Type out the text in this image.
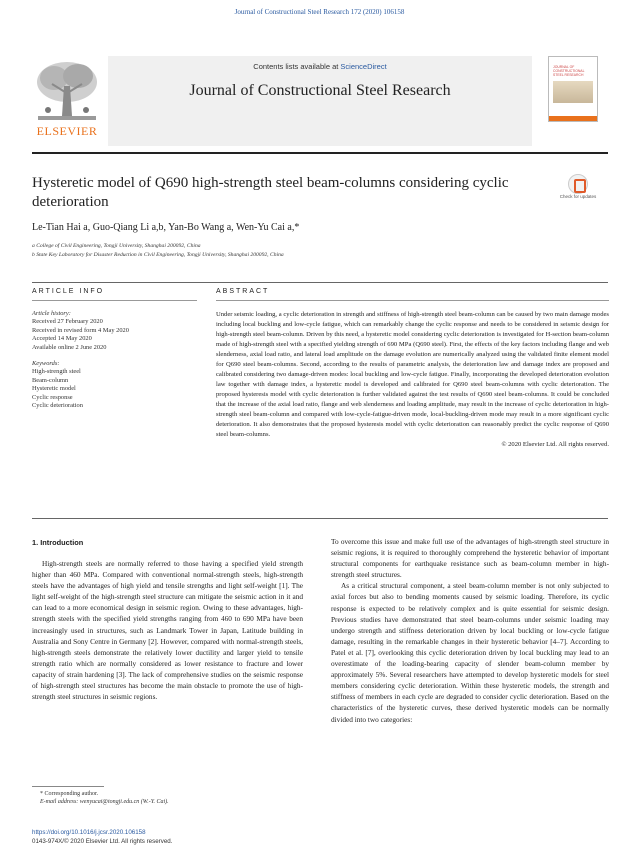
Journal of Constructional Steel Research 172 (2020) 106158
ELSEVIER
Contents lists available at ScienceDirect
Journal of Constructional Steel Research
JOURNAL OF CONSTRUCTIONAL STEEL RESEARCH
Hysteretic model of Q690 high-strength steel beam-columns considering cyclic deterioration	Check for updates
Le-Tian Hai a, Guo-Qiang Li a,b, Yan-Bo Wang a, Wen-Yu Cai a,*
a College of Civil Engineering, Tongji University, Shanghai 200092, China
b State Key Laboratory for Disaster Reduction in Civil Engineering, Tongji University, Shanghai 200092, China
ARTICLE INFO	ABSTRACT
Article history:
Received 27 February 2020
Received in revised form 4 May 2020
Accepted 14 May 2020
Available online 2 June 2020
Keywords:
High-strength steel
Beam-column
Hysteretic model
Cyclic response
Cyclic deterioration
Under seismic loading, a cyclic deterioration in strength and stiffness of high-strength steel beam-column can be caused by two main damage modes including local buckling and low-cycle fatigue, which can remarkably change the cyclic response and needs to be considered in seismic design for high-strength steel beam-column. Driven by this need, a hysteretic model considering cyclic deterioration is investigated for H-section beam-column made of high-strength steel with a specified yielding strength of 690 MPa (Q690 steel). First, the effects of the key factors including flange and web slenderness, axial load ratio, and lateral load amplitude on the damage evolution are numerically analyzed using the validated finite element model for Q690 steel beam-columns. Second, according to the results of parametric analysis, the deterioration law and damage index are proposed and calibrated considering two damage-driven modes: local buckling and low-cycle fatigue. Finally, incorporating the developed deterioration evolution law together with damage index, a hysteretic model is developed and calibrated for Q690 steel beam-columns with cyclic deterioration. The proposed hysteresis model with cyclic deterioration is further validated against the test results of Q690 steel beam-columns. It could be concluded that the increase of the axial load ratio, flange and web slenderness and loading amplitude, may result in the increase of cyclic deterioration in high-strength steel beam-column and compared with low-cycle-fatigue-driven mode, local-buckling-driven mode may result in a more significant cyclic deterioration. It also demonstrates that the proposed hysteresis model with cyclic deterioration can reasonably predict the cyclic response of Q690 steel beam-columns.
© 2020 Elsevier Ltd. All rights reserved.
1. Introduction

High-strength steels are normally referred to those having a specified yield strength higher than 460 MPa. Compared with conventional normal-strength steels, high-strength steels have the advantages of high yield and tensile strengths and light self-weight [1]. The light self-weight of the high-strength steel structure can mitigate the seismic action in it and can lead to a more economical design in seismic region. Owing to these advantages, high-strength steels with the specified yield strengths ranging from 460 to 690 MPa have been increasingly used in structures, such as Landmark Tower in Japan, Latitude building in Australia and Sony Centre in Germany [2]. However, compared with normal-strength steels, high-strength steels demonstrate the relatively lower ductility and larger yield to tensile strength ratio which are normally considered as lower resistance to fracture and lower capacity of strain hardening [3]. The lack of comprehensive studies on the seismic response of high-strength steel structures has become the main obstacle to promote the use of high-strength steel structures in seismic regions.

To overcome this issue and make full use of the advantages of high-strength steel structure in seismic regions, it is required to thoroughly comprehend the hysteretic behavior of important structural components for earthquake resistance such as beam-column member in high-strength steel structures.

As a critical structural component, a steel beam-column member is not only subjected to axial forces but also to bending moments caused by seismic loading. Therefore, its cyclic response is expected to be relatively complex and is quite essential for seismic design. Previous studies have demonstrated that steel beam-columns under seismic loading may undergo strength and stiffness deterioration driven by local buckling or low-cycle fatigue damage, resulting in the remarkable changes in their hysteretic behavior [4–7]. According to Patel et al. [7], overlooking this cyclic deterioration driven by local buckling may lead to an overestimate of the loading-bearing capacity of slender beam-column member by approximately 5%. Several researchers have attempted to develop hysteretic models for steel members considering cyclic deterioration. Within these hysteretic models, the strength and stiffness of members in each cycle are degraded to consider cyclic deterioration. Based on the characteristics of the hysteretic curves, these derived hysteretic models can be normally divided into two categories:

* Corresponding author.
E-mail address: wenyucai@tongji.edu.cn (W.-Y. Cai).
https://doi.org/10.1016/j.jcsr.2020.106158
0143-974X/© 2020 Elsevier Ltd. All rights reserved.
